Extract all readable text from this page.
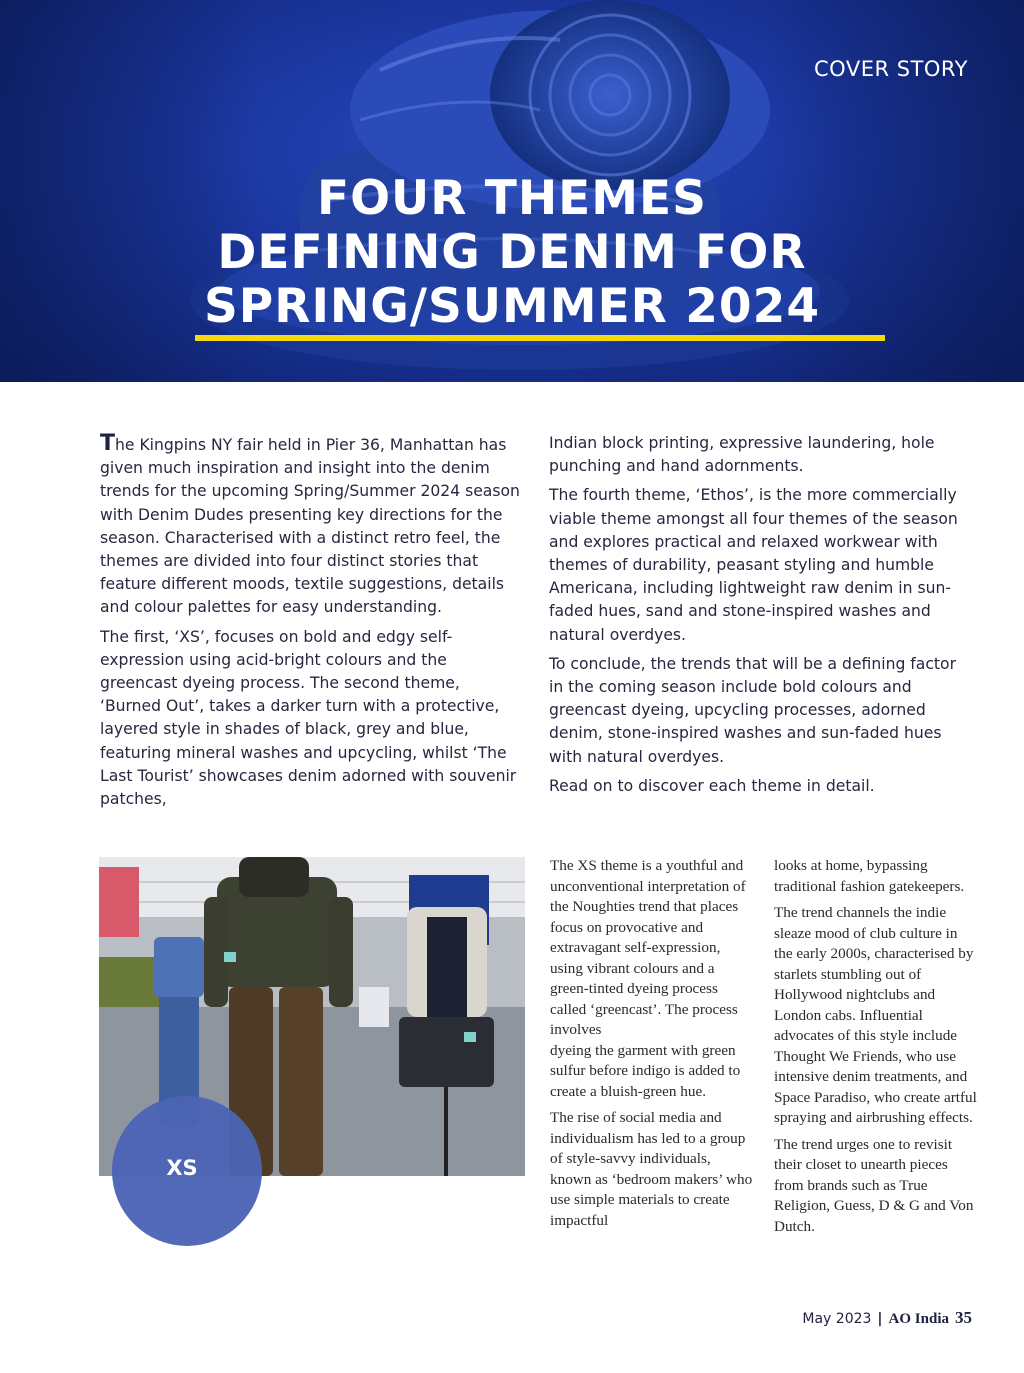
COVER STORY
FOUR THEMES
DEFINING DENIM FOR
SPRING/SUMMER 2024

The Kingpins NY fair held in Pier 36, Manhattan has given much inspiration and insight into the denim trends for the upcoming Spring/Summer 2024 season with Denim Dudes presenting key directions for the season. Characterised with a distinct retro feel, the themes are divided into four distinct stories that feature different moods, textile suggestions, details and colour palettes for easy understanding.

The first, ‘XS’, focuses on bold and edgy self-expression using acid-bright colours and the greencast dyeing process. The second theme, ‘Burned Out’, takes a darker turn with a protective, layered style in shades of black, grey and blue, featuring mineral washes and upcycling, whilst ‘The Last Tourist’ showcases denim adorned with souvenir patches,

Indian block printing, expressive laundering, hole punching and hand adornments.

The fourth theme, ‘Ethos’, is the more commercially viable theme amongst all four themes of the season and explores practical and relaxed workwear with themes of durability, peasant styling and humble Americana, including lightweight raw denim in sun-faded hues, sand and stone-inspired washes and natural overdyes.

To conclude, the trends that will be a defining factor in the coming season include bold colours and greencast dyeing, upcycling processes, adorned denim, stone-inspired washes and sun-faded hues with natural overdyes.

Read on to discover each theme in detail.

XS

The XS theme is a youthful and unconventional interpretation of the Noughties trend that places focus on provocative and extravagant self-expression, using vibrant colours and a green-tinted dyeing process called ‘greencast’. The process involves

dyeing the garment with green sulfur before indigo is added to create a bluish-green hue.

The rise of social media and individualism has led to a group of style-savvy individuals, known as ‘bedroom makers’ who use simple materials to create impactful

looks at home, bypassing traditional fashion gatekeepers.

The trend channels the indie sleaze mood of club culture in the early 2000s, characterised by starlets stumbling out of Hollywood nightclubs and London cabs. Influential advocates of this style include Thought We Friends, who use intensive denim treatments, and Space Paradiso, who create artful spraying and airbrushing effects.

The trend urges one to revisit their closet to unearth pieces from brands such as True Religion, Guess, D & G and Von Dutch.

May 2023 | AO India 35
